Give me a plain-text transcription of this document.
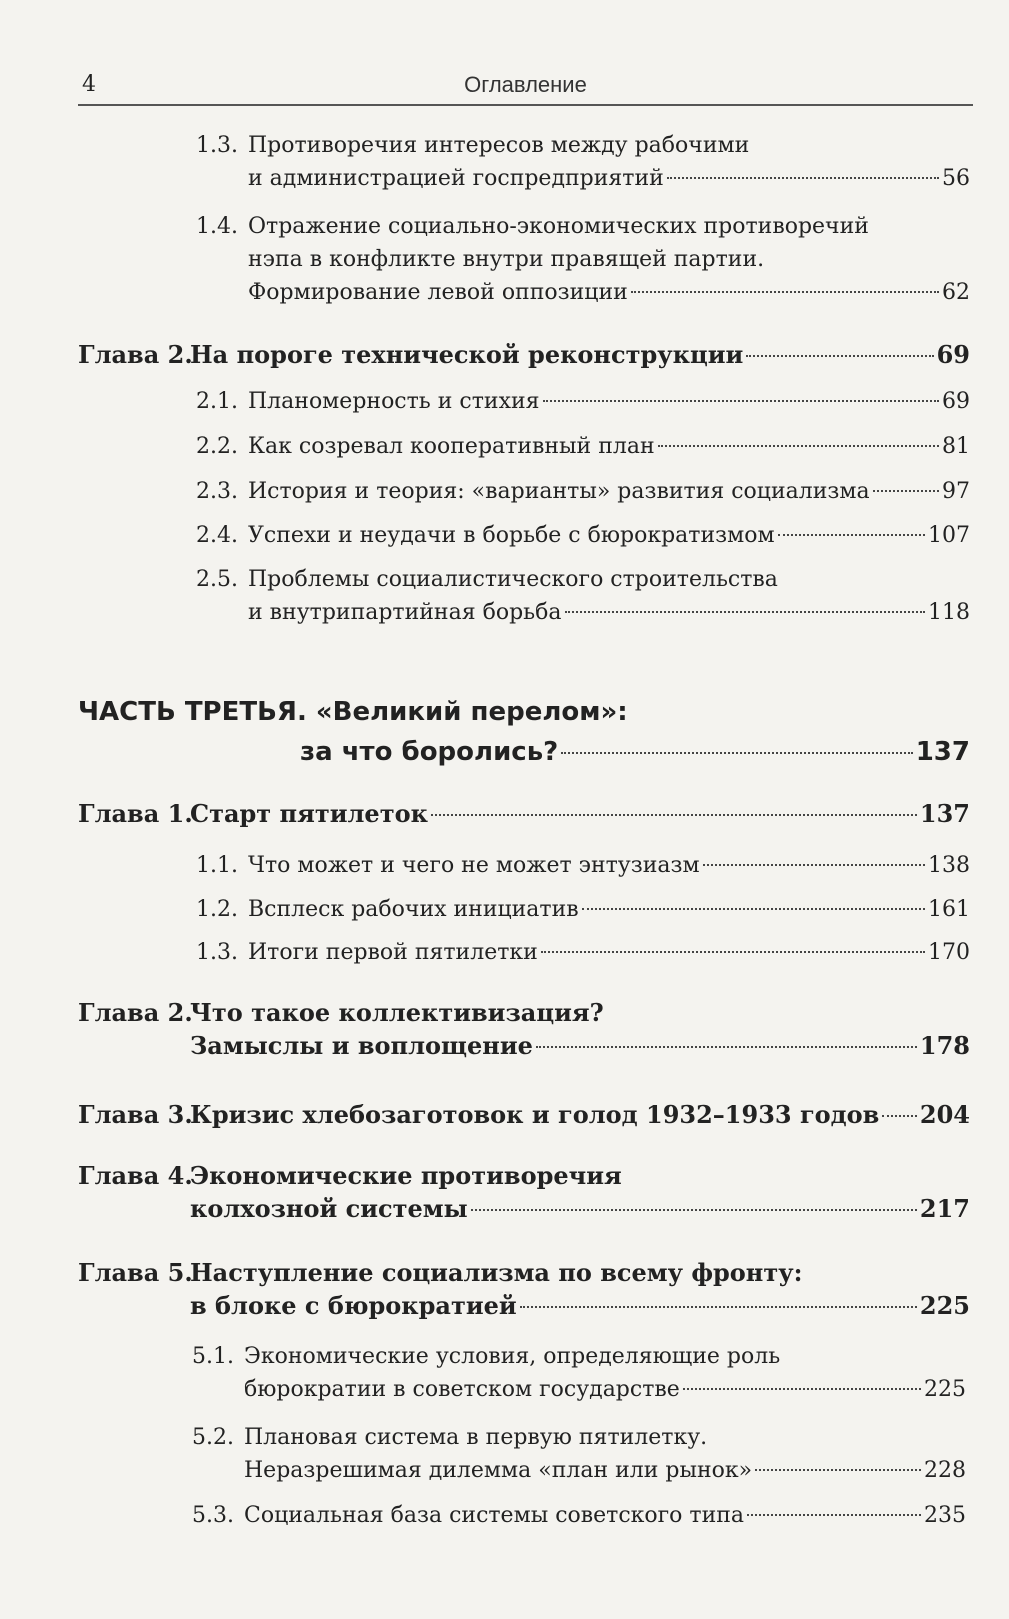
4	Оглавление
1.3. Противоречия интересов между рабочими
и администрацией госпредприятий	56
1.4. Отражение социально-экономических противоречий
нэпа в конфликте внутри правящей партии.
Формирование левой оппозиции	62
Глава 2.
На пороге технической реконструкции	69
2.1. Планомерность и стихия	69
2.2. Как созревал кооперативный план	81
2.3. История и теория: «варианты» развития социализма	97
2.4. Успехи и неудачи в борьбе с бюрократизмом	107
2.5. Проблемы социалистического строительства
и внутрипартийная борьба	118
ЧАСТЬ ТРЕТЬЯ. «Великий перелом»:
за что боролись?	137
Глава 1.
Старт пятилеток	137
1.1. Что может и чего не может энтузиазм	138
1.2. Всплеск рабочих инициатив	161
1.3. Итоги первой пятилетки	170
Глава 2.
Что такое коллективизация?
Замыслы и воплощение	178
Глава 3.
Кризис хлебозаготовок и голод 1932–1933 годов 204
Глава 4.
Экономические противоречия
колхозной системы	217
Глава 5.
Наступление социализма по всему фронту:
в блоке с бюрократией	225
5.1. Экономические условия, определяющие роль
бюрократии в советском государстве	225
5.2. Плановая система в первую пятилетку.
Неразрешимая дилемма «план или рынок»	228
5.3. Социальная база системы советского типа	235
